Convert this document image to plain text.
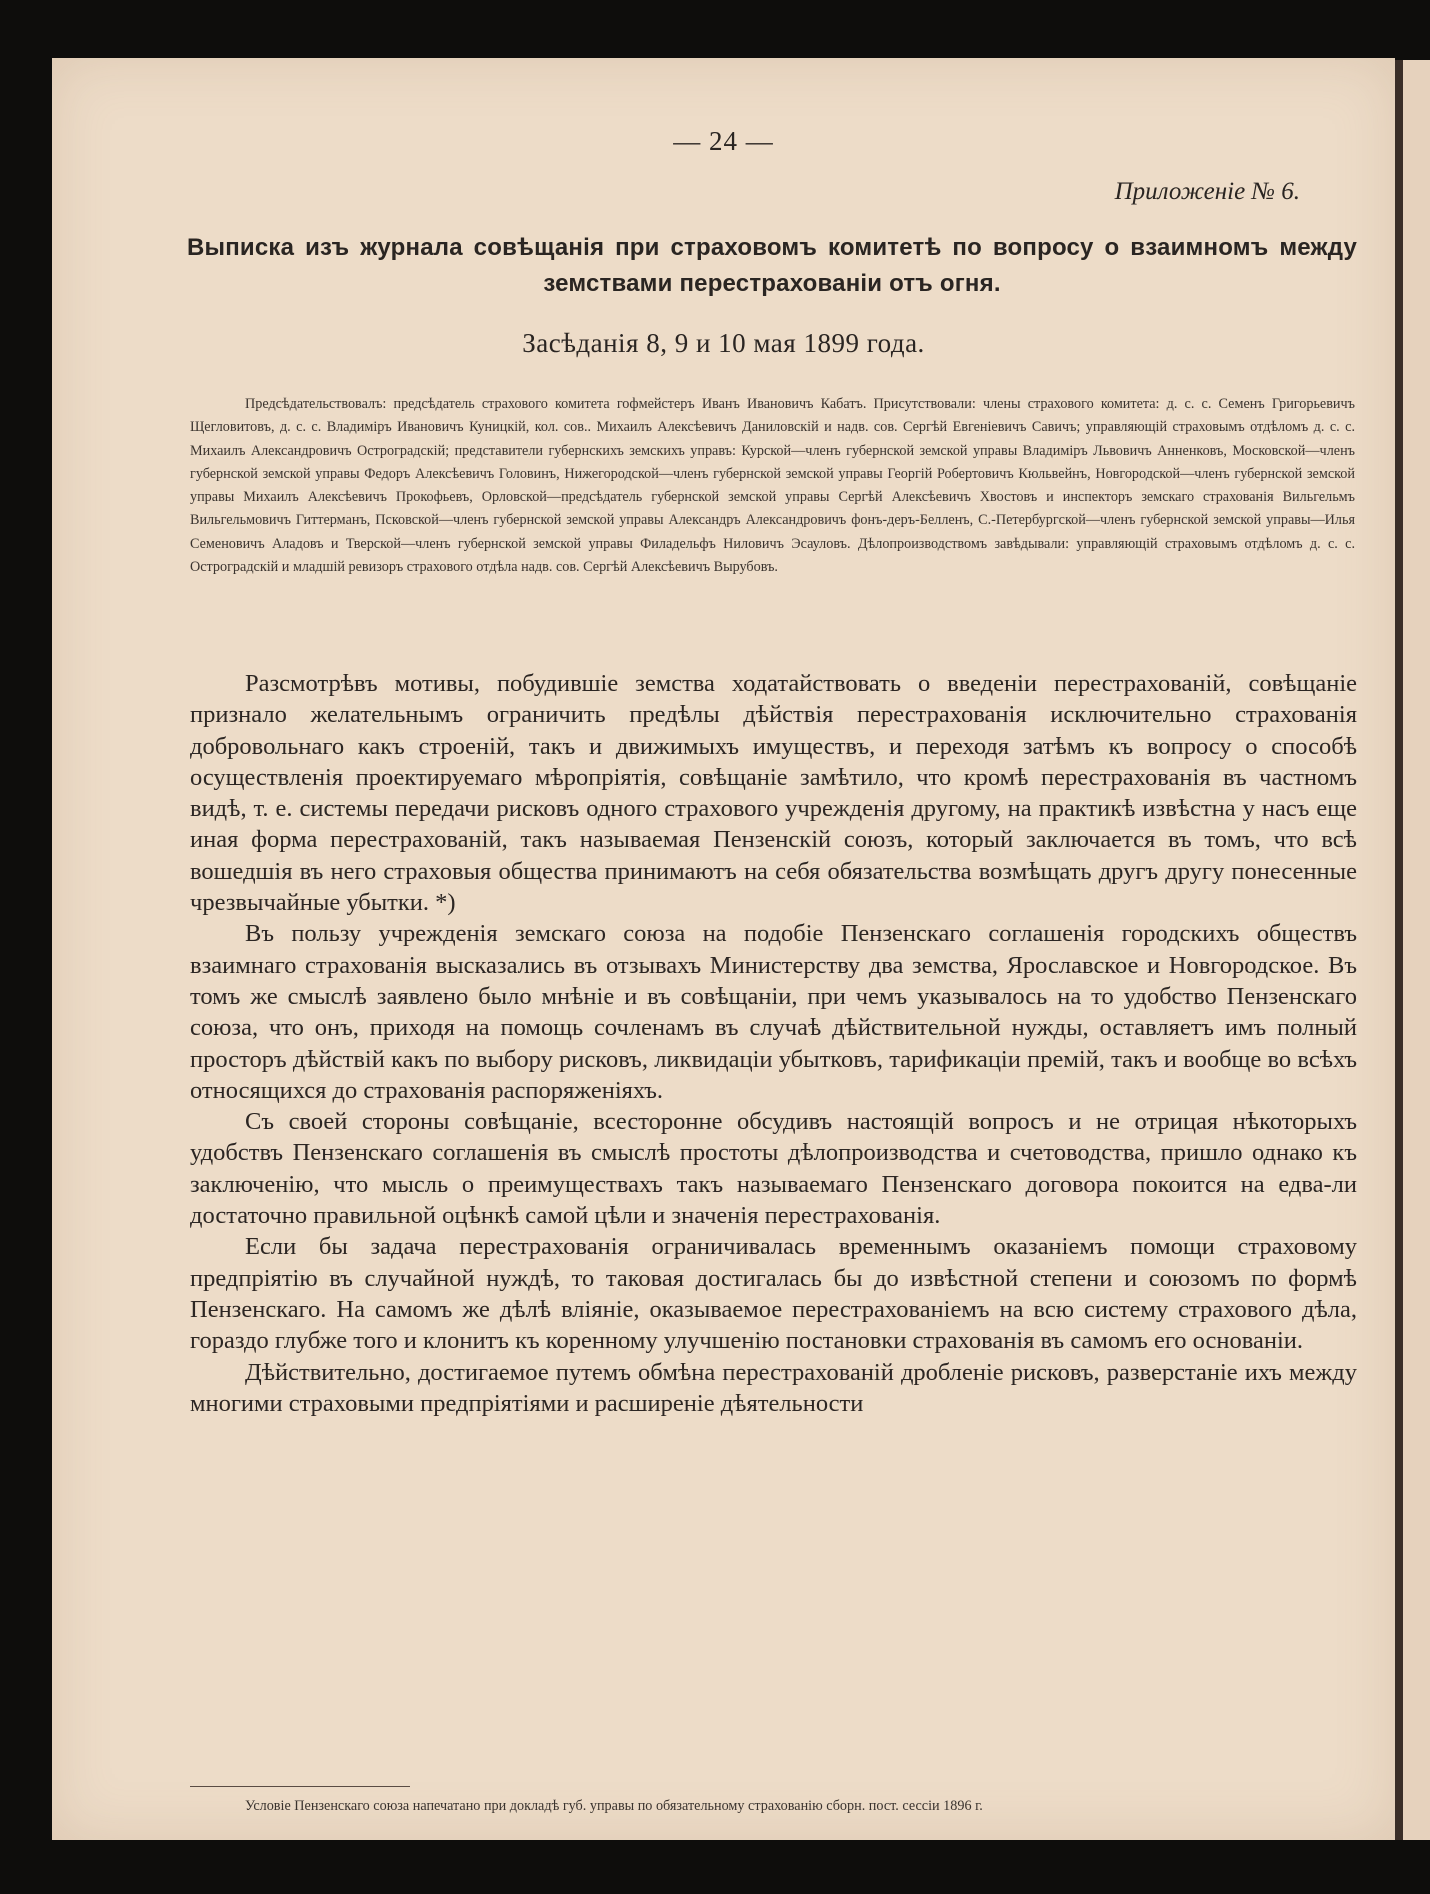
— 24 —
Приложеніе № 6.
Выписка изъ журнала совѣщанія при страховомъ комитетѣ по вопросу о взаимномъ между земствами перестрахованіи отъ огня.
Засѣданія 8, 9 и 10 мая 1899 года.

Предсѣдательствовалъ: предсѣдатель страхового комитета гофмейстеръ Иванъ Ивановичъ Кабатъ. Присутствовали: члены страхового комитета: д. с. с. Семенъ Григорьевичъ Щегловитовъ, д. с. с. Владиміръ Ивановичъ Куницкій, кол. сов.. Михаилъ Алексѣевичъ Даниловскій и надв. сов. Сергѣй Евгеніевичъ Савичъ; управляющій страховымъ отдѣломъ д. с. с. Михаилъ Александровичъ Остроградскій; представители губернскихъ земскихъ управъ: Курской—членъ губернской земской управы Владиміръ Львовичъ Анненковъ, Московской—членъ губернской земской управы Федоръ Алексѣевичъ Головинъ, Нижегородской—членъ губернской земской управы Георгій Робертовичъ Кюльвейнъ, Новгородской—членъ губернской земской управы Михаилъ Алексѣевичъ Прокофьевъ, Орловской—предсѣдатель губернской земской управы Сергѣй Алексѣевичъ Хвостовъ и инспекторъ земскаго страхованія Вильгельмъ Вильгельмовичъ Гиттерманъ, Псковской—членъ губернской земской управы Александръ Александровичъ фонъ-деръ-Белленъ, С.-Петербургской—членъ губернской земской управы—Илья Семеновичъ Аладовъ и Тверской—членъ губернской земской управы Филадельфъ Ниловичъ Эсауловъ. Дѣлопроизводствомъ завѣдывали: управляющій страховымъ отдѣломъ д. с. с. Остроградскій и младшій ревизоръ страхового отдѣла надв. сов. Сергѣй Алексѣевичъ Вырубовъ.

Разсмотрѣвъ мотивы, побудившіе земства ходатайствовать о введеніи перестрахованій, совѣщаніе признало желательнымъ ограничить предѣлы дѣйствія перестрахованія исключительно страхованія добровольнаго какъ строеній, такъ и движимыхъ имуществъ, и переходя затѣмъ къ вопросу о способѣ осуществленія проектируемаго мѣропріятія, совѣщаніе замѣтило, что кромѣ перестрахованія въ частномъ видѣ, т. е. системы передачи рисковъ одного страхового учрежденія другому, на практикѣ извѣстна у насъ еще иная форма перестрахованій, такъ называемая Пензенскій союзъ, который заключается въ томъ, что всѣ вошедшія въ него страховыя общества принимаютъ на себя обязательства возмѣщать другъ другу понесенные чрезвычайные убытки. *)

Въ пользу учрежденія земскаго союза на подобіе Пензенскаго соглашенія городскихъ обществъ взаимнаго страхованія высказались въ отзывахъ Министерству два земства, Ярославское и Новгородское. Въ томъ же смыслѣ заявлено было мнѣніе и въ совѣщаніи, при чемъ указывалось на то удобство Пензенскаго союза, что онъ, приходя на помощь сочленамъ въ случаѣ дѣйствительной нужды, оставляетъ имъ полный просторъ дѣйствій какъ по выбору рисковъ, ликвидаціи убытковъ, тарификаціи премій, такъ и вообще во всѣхъ относящихся до страхованія распоряженіяхъ.

Съ своей стороны совѣщаніе, всесторонне обсудивъ настоящій вопросъ и не отрицая нѣкоторыхъ удобствъ Пензенскаго соглашенія въ смыслѣ простоты дѣлопроизводства и счетоводства, пришло однако къ заключенію, что мысль о преимуществахъ такъ называемаго Пензенскаго договора покоится на едва-ли достаточно правильной оцѣнкѣ самой цѣли и значенія перестрахованія.

Если бы задача перестрахованія ограничивалась временнымъ оказаніемъ помощи страховому предпріятію въ случайной нуждѣ, то таковая достигалась бы до извѣстной степени и союзомъ по формѣ Пензенскаго. На самомъ же дѣлѣ вліяніе, оказываемое перестрахованіемъ на всю систему страхового дѣла, гораздо глубже того и клонитъ къ коренному улучшенію постановки страхованія въ самомъ его основаніи.

Дѣйствительно, достигаемое путемъ обмѣна перестрахованій дробленіе рисковъ, разверстаніе ихъ между многими страховыми предпріятіями и расширеніе дѣятельности

Условіе Пензенскаго союза напечатано при докладѣ губ. управы по обязательному страхованію сборн. пост. сессіи 1896 г.
